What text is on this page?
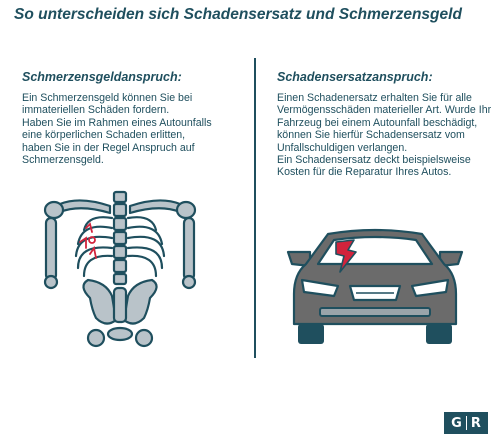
So unterscheiden sich Schadensersatz und Schmerzensgeld
Schmerzensgeldanspruch:
Ein Schmerzensgeld können Sie bei
immateriellen Schäden fordern.
Haben Sie im Rahmen eines Autounfalls
eine körperlichen Schaden erlitten,
haben Sie in der Regel Anspruch auf
Schmerzensgeld.
Schadensersatzanspruch:
Einen Schadenersatz erhalten Sie für alle
Vermögensschäden materieller Art. Wurde Ihr
Fahrzeug bei einem Autounfall beschädigt,
können Sie hierfür Schadensersatz vom
Unfallschuldigen verlangen.
Ein Schadensersatz deckt beispielsweise
Kosten für die Reparatur Ihres Autos.
G R
